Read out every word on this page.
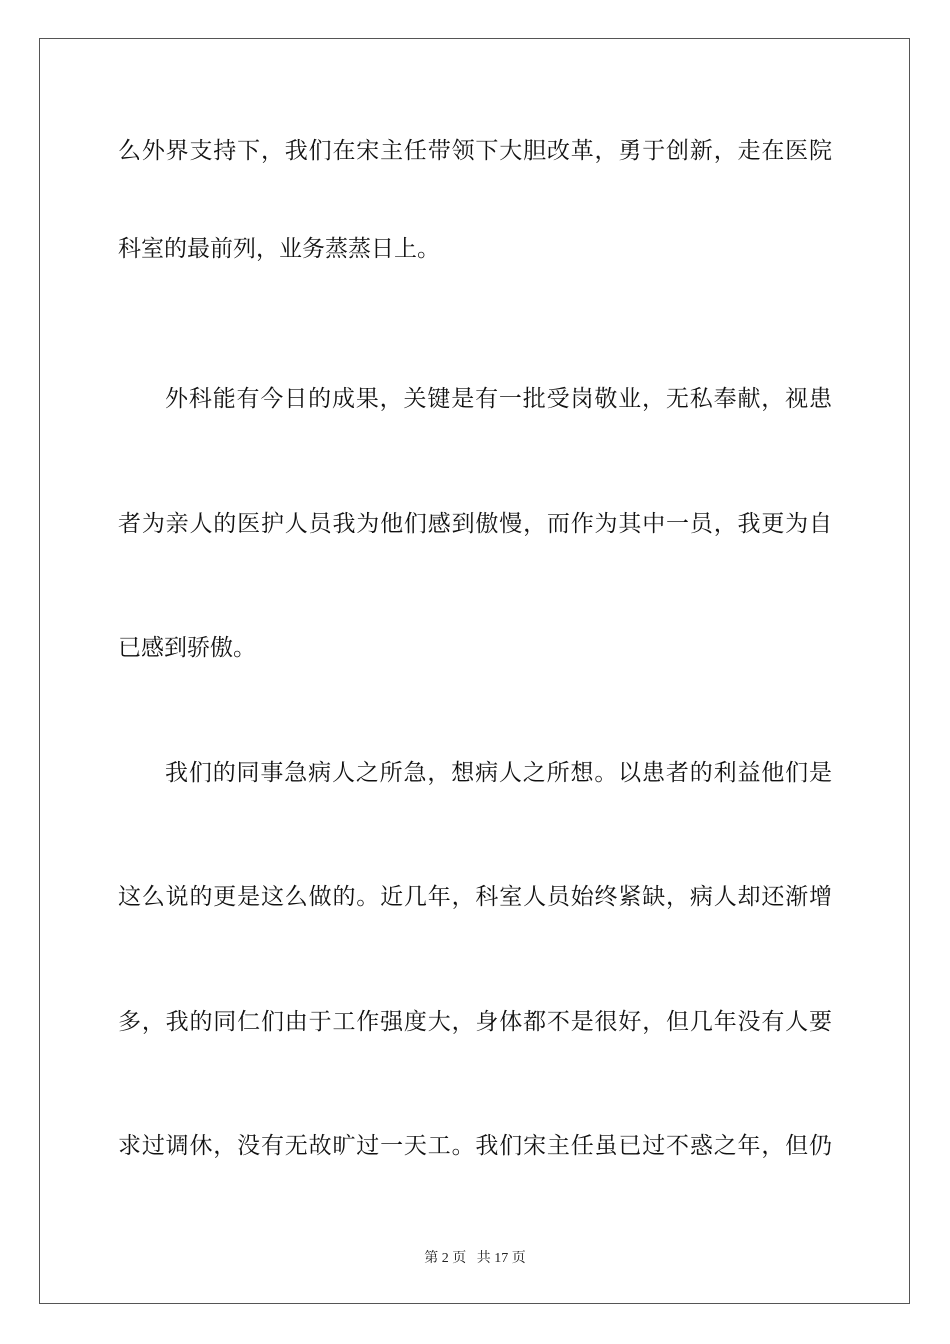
么外界支持下，我们在宋主任带领下大胆改革，勇于创新，走在医院
科室的最前列，业务蒸蒸日上。
外科能有今日的成果，关键是有一批受岗敬业，无私奉献，视患
者为亲人的医护人员我为他们感到傲慢，而作为其中一员，我更为自
已感到骄傲。
我们的同事急病人之所急，想病人之所想。以患者的利益他们是
这么说的更是这么做的。近几年，科室人员始终紧缺，病人却还渐增
多，我的同仁们由于工作强度大，身体都不是很好，但几年没有人要
求过调休，没有无故旷过一天工。我们宋主任虽已过不惑之年，但仍
第 2 页   共 17 页
